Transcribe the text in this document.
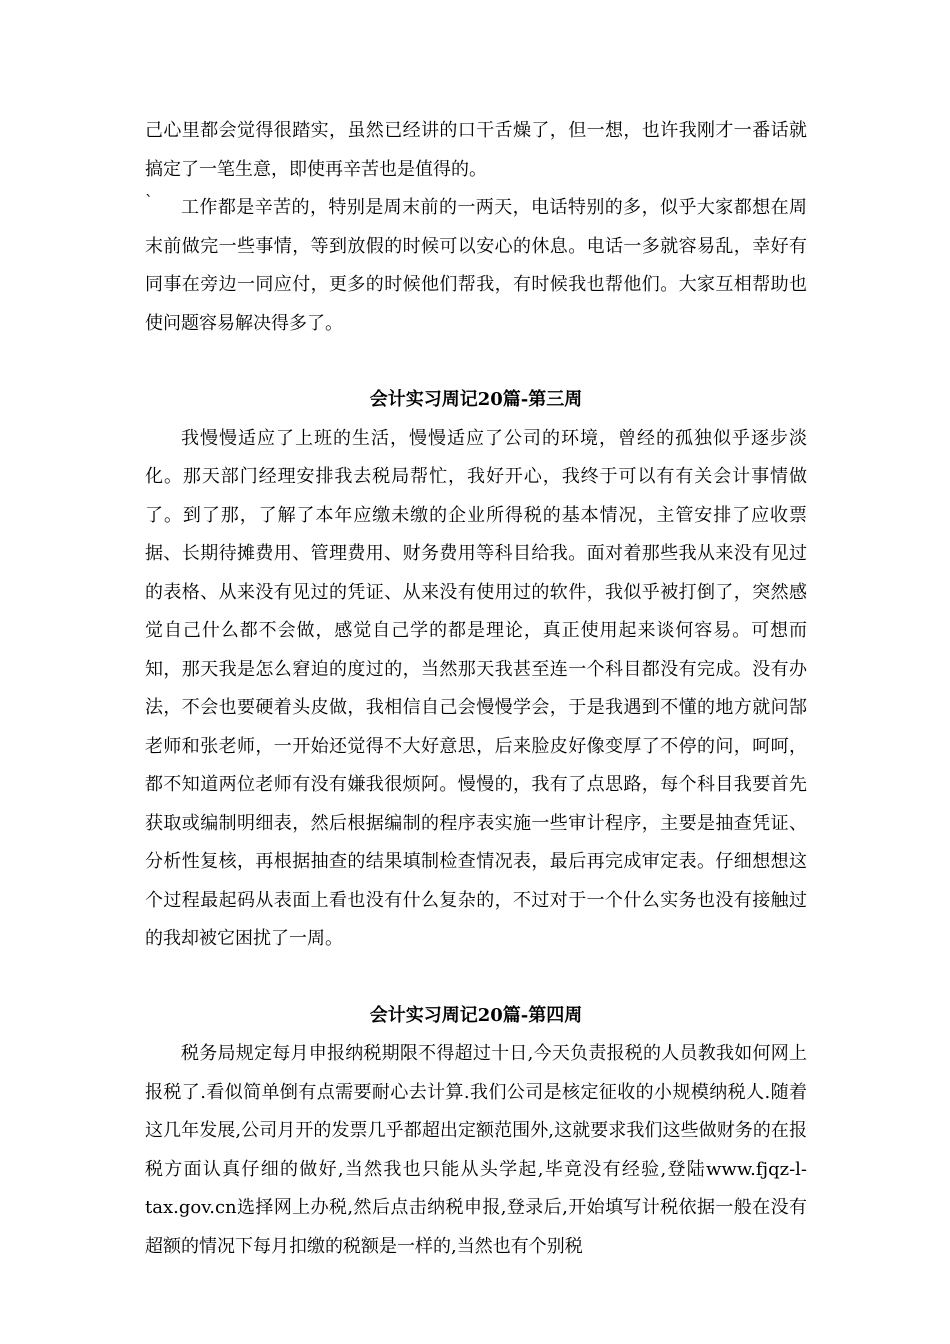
己心里都会觉得很踏实，虽然已经讲的口干舌燥了，但一想，也许我刚才一番话就搞定了一笔生意，即使再辛苦也是值得的。

`	工作都是辛苦的，特别是周末前的一两天，电话特别的多，似乎大家都想在周末前做完一些事情，等到放假的时候可以安心的休息。电话一多就容易乱，幸好有同事在旁边一同应付，更多的时候他们帮我，有时候我也帮他们。大家互相帮助也使问题容易解决得多了。

会计实习周记20篇-第三周

我慢慢适应了上班的生活，慢慢适应了公司的环境，曾经的孤独似乎逐步淡化。那天部门经理安排我去税局帮忙，我好开心，我终于可以有有关会计事情做了。到了那，了解了本年应缴未缴的企业所得税的基本情况，主管安排了应收票据、长期待摊费用、管理费用、财务费用等科目给我。面对着那些我从来没有见过的表格、从来没有见过的凭证、从来没有使用过的软件，我似乎被打倒了，突然感觉自己什么都不会做，感觉自己学的都是理论，真正使用起来谈何容易。可想而知，那天我是怎么窘迫的度过的，当然那天我甚至连一个科目都没有完成。没有办法，不会也要硬着头皮做，我相信自己会慢慢学会，于是我遇到不懂的地方就问郜老师和张老师，一开始还觉得不大好意思，后来脸皮好像变厚了不停的问，呵呵，都不知道两位老师有没有嫌我很烦阿。慢慢的，我有了点思路，每个科目我要首先获取或编制明细表，然后根据编制的程序表实施一些审计程序，主要是抽查凭证、分析性复核，再根据抽查的结果填制检查情况表，最后再完成审定表。仔细想想这个过程最起码从表面上看也没有什么复杂的，不过对于一个什么实务也没有接触过的我却被它困扰了一周。

会计实习周记20篇-第四周

税务局规定每月申报纳税期限不得超过十日,今天负责报税的人员教我如何网上报税了.看似简单倒有点需要耐心去计算.我们公司是核定征收的小规模纳税人.随着这几年发展,公司月开的发票几乎都超出定额范围外,这就要求我们这些做财务的在报税方面认真仔细的做好,当然我也只能从头学起,毕竟没有经验,登陆www.fjqz-l-tax.gov.cn选择网上办税,然后点击纳税申报,登录后,开始填写计税依据一般在没有超额的情况下每月扣缴的税额是一样的,当然也有个别税
